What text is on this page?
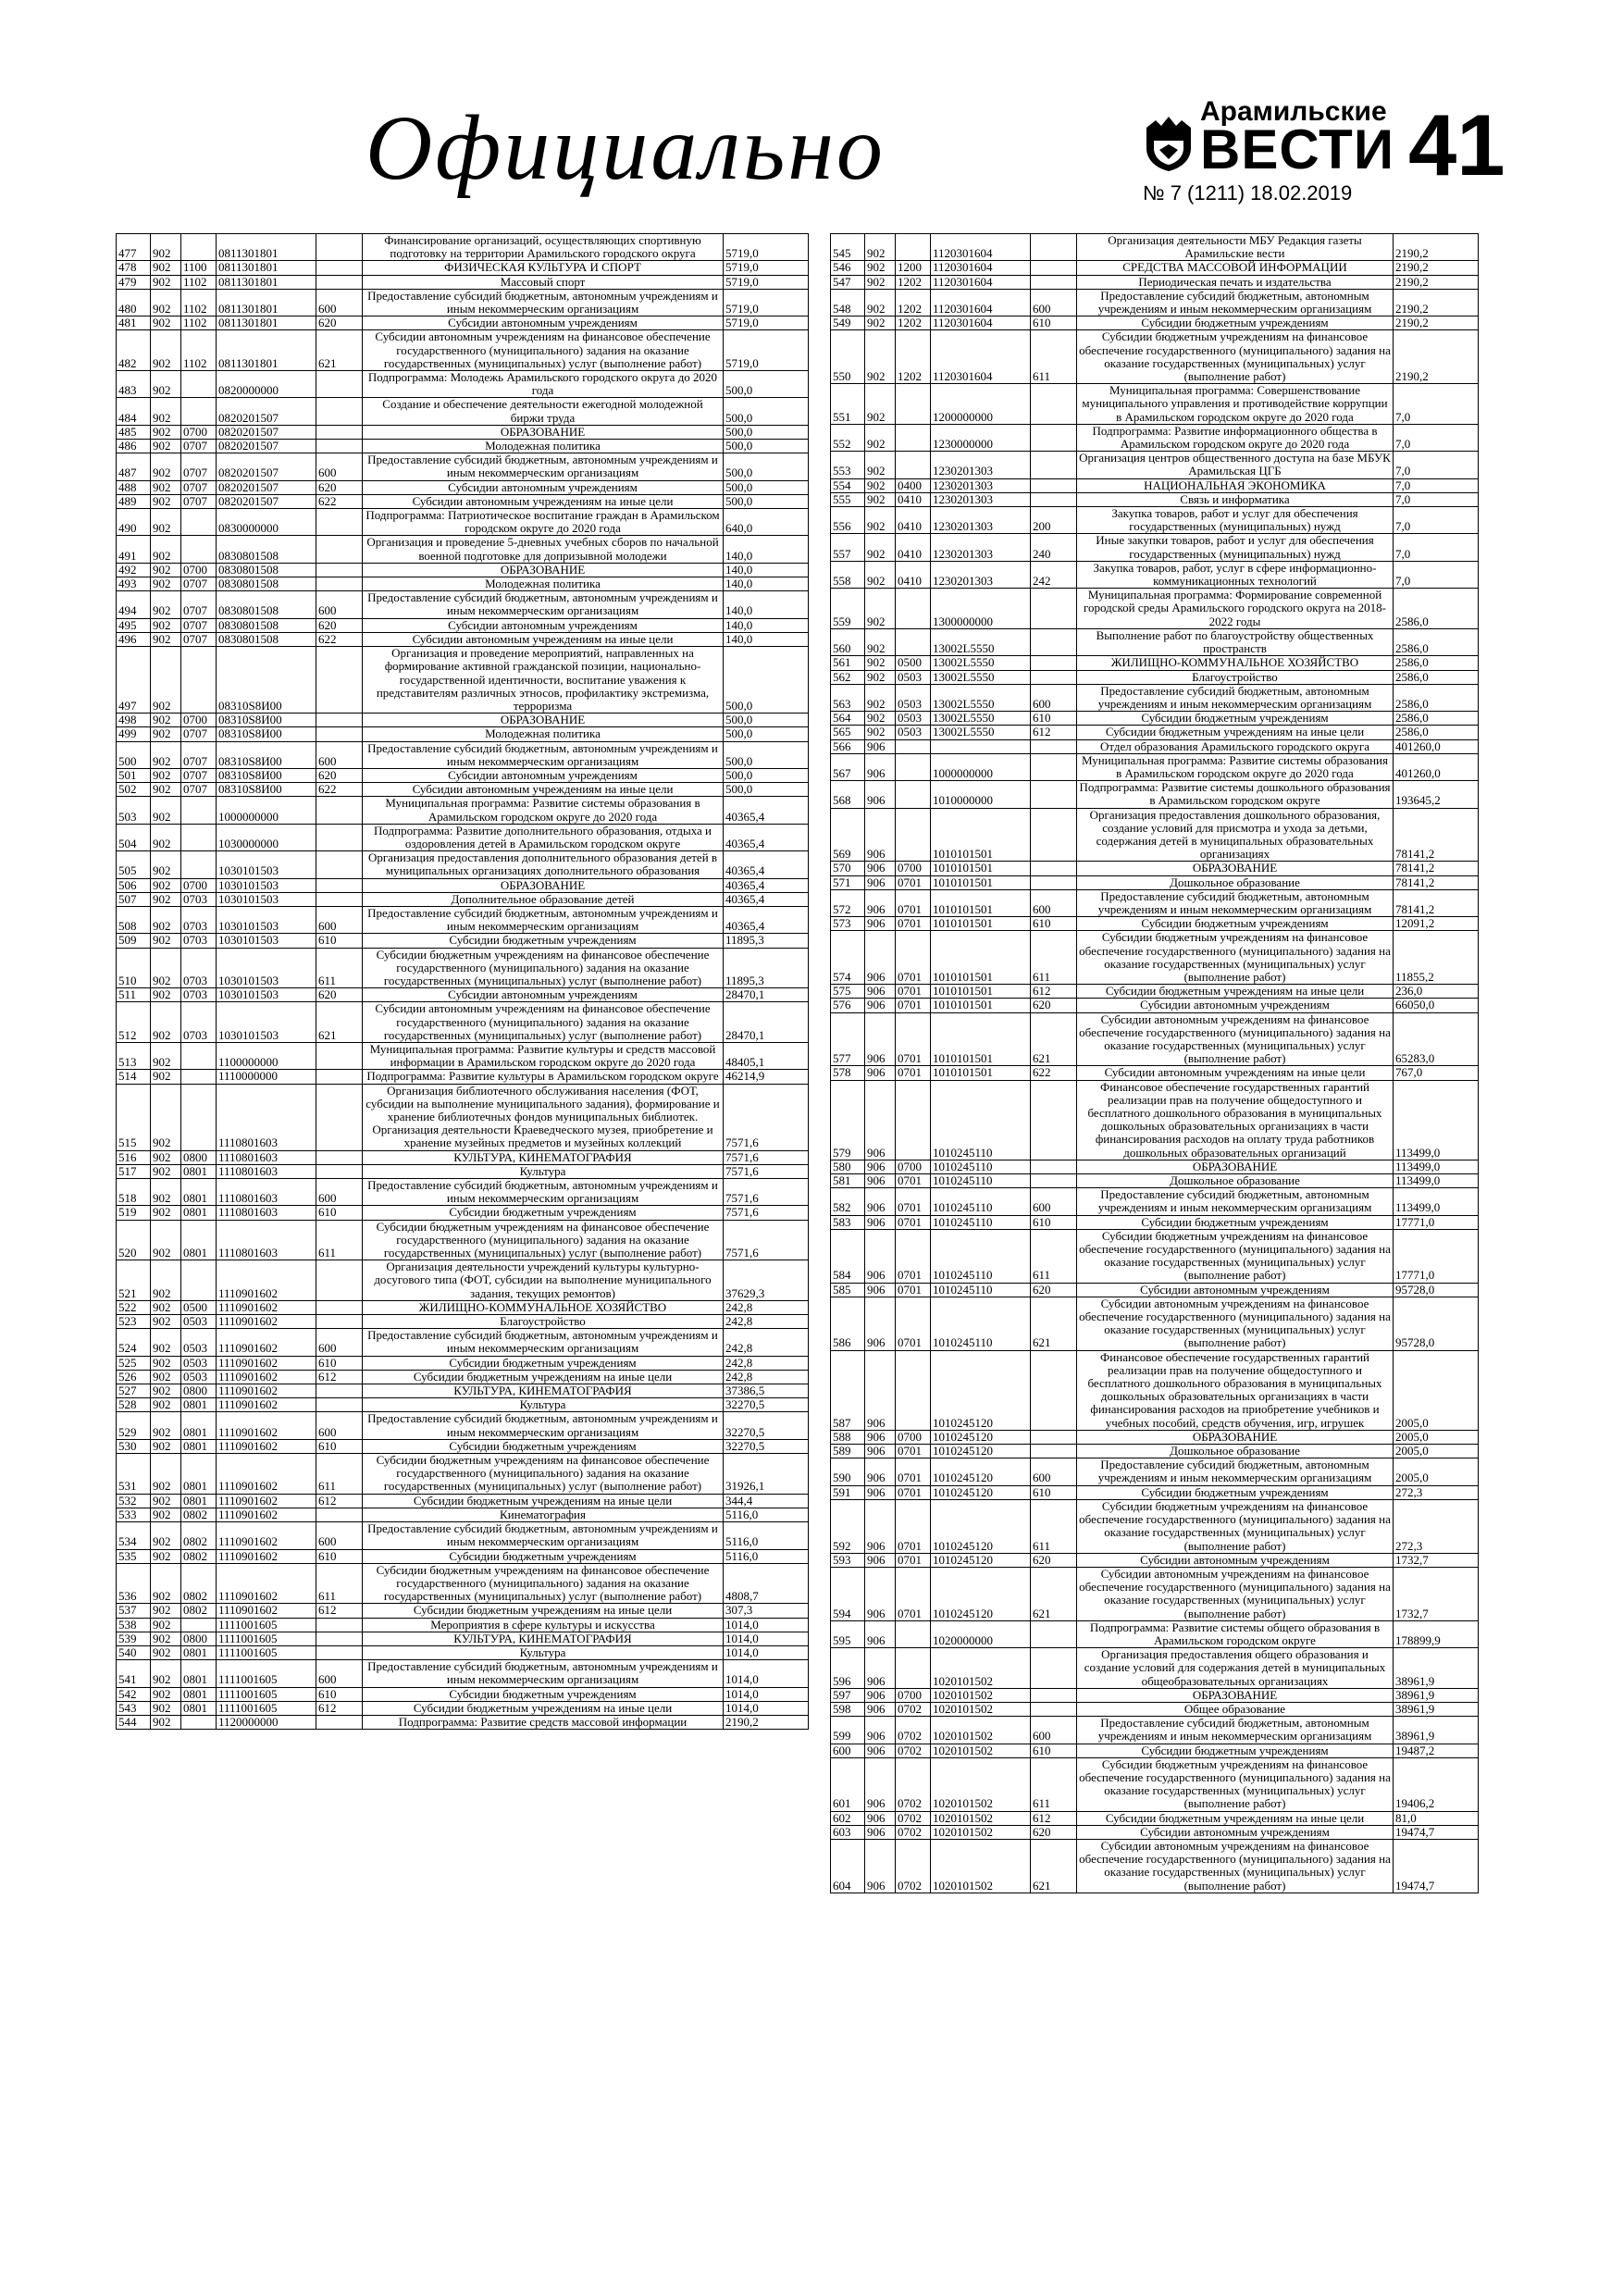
Официально	Арамильские
ВЕСТИ 41
№ 7 (1211) 18.02.2019
477	902		0811301801		Финансирование организаций, осуществляющих спортивную подготовку на территории Арамильского городского округа	5719,0
478	902	1100	0811301801		ФИЗИЧЕСКАЯ КУЛЬТУРА И СПОРТ	5719,0
479	902	1102	0811301801		Массовый спорт	5719,0
480	902	1102	0811301801	600	Предоставление субсидий бюджетным, автономным учреждениям и иным некоммерческим организациям	5719,0
481	902	1102	0811301801	620	Субсидии автономным учреждениям	5719,0
482	902	1102	0811301801	621	Субсидии автономным учреждениям на финансовое обеспечение государственного (муниципального) задания на оказание государственных (муниципальных) услуг (выполнение работ)	5719,0
483	902		0820000000		Подпрограмма: Молодежь Арамильского городского округа до 2020 года	500,0
484	902		0820201507		Создание и обеспечение деятельности ежегодной молодежной биржи труда	500,0
485	902	0700	0820201507		ОБРАЗОВАНИЕ	500,0
486	902	0707	0820201507		Молодежная политика	500,0
487	902	0707	0820201507	600	Предоставление субсидий бюджетным, автономным учреждениям и иным некоммерческим организациям	500,0
488	902	0707	0820201507	620	Субсидии автономным учреждениям	500,0
489	902	0707	0820201507	622	Субсидии автономным учреждениям на иные цели	500,0
490	902		0830000000		Подпрограмма: Патриотическое воспитание граждан в Арамильском городском округе до 2020 года	640,0
491	902		0830801508		Организация и проведение 5-дневных учебных сборов по начальной военной подготовке для допризывной молодежи	140,0
492	902	0700	0830801508		ОБРАЗОВАНИЕ	140,0
493	902	0707	0830801508		Молодежная политика	140,0
494	902	0707	0830801508	600	Предоставление субсидий бюджетным, автономным учреждениям и иным некоммерческим организациям	140,0
495	902	0707	0830801508	620	Субсидии автономным учреждениям	140,0
496	902	0707	0830801508	622	Субсидии автономным учреждениям на иные цели	140,0
497	902		08310S8И00		Организация и проведение мероприятий, направленных на формирование активной гражданской позиции, национально-государственной идентичности, воспитание уважения к представителям различных этносов, профилактику экстремизма, терроризма	500,0
498	902	0700	08310S8И00		ОБРАЗОВАНИЕ	500,0
499	902	0707	08310S8И00		Молодежная политика	500,0
500	902	0707	08310S8И00	600	Предоставление субсидий бюджетным, автономным учреждениям и иным некоммерческим организациям	500,0
501	902	0707	08310S8И00	620	Субсидии автономным учреждениям	500,0
502	902	0707	08310S8И00	622	Субсидии автономным учреждениям на иные цели	500,0
503	902		1000000000		Муниципальная программа: Развитие системы образования в Арамильском городском округе до 2020 года	40365,4
504	902		1030000000		Подпрограмма: Развитие дополнительного образования, отдыха и оздоровления детей в Арамильском городском округе	40365,4
505	902		1030101503		Организация предоставления дополнительного образования детей в муниципальных организациях дополнительного образования	40365,4
506	902	0700	1030101503		ОБРАЗОВАНИЕ	40365,4
507	902	0703	1030101503		Дополнительное образование детей	40365,4
508	902	0703	1030101503	600	Предоставление субсидий бюджетным, автономным учреждениям и иным некоммерческим организациям	40365,4
509	902	0703	1030101503	610	Субсидии бюджетным учреждениям	11895,3
510	902	0703	1030101503	611	Субсидии бюджетным учреждениям на финансовое обеспечение государственного (муниципального) задания на оказание государственных (муниципальных) услуг (выполнение работ)	11895,3
511	902	0703	1030101503	620	Субсидии автономным учреждениям	28470,1
512	902	0703	1030101503	621	Субсидии автономным учреждениям на финансовое обеспечение государственного (муниципального) задания на оказание государственных (муниципальных) услуг (выполнение работ)	28470,1
513	902		1100000000		Муниципальная программа: Развитие культуры и средств массовой информации в Арамильском городском округе до 2020 года	48405,1
514	902		1110000000		Подпрограмма: Развитие культуры в Арамильском городском округе	46214,9
515	902		1110801603		Организация библиотечного обслуживания населения (ФОТ, субсидии на выполнение муниципального задания), формирование и хранение библиотечных фондов муниципальных библиотек. Организация деятельности Краеведческого музея, приобретение и хранение музейных предметов и музейных коллекций	7571,6
516	902	0800	1110801603		КУЛЬТУРА, КИНЕМАТОГРАФИЯ	7571,6
517	902	0801	1110801603		Культура	7571,6
518	902	0801	1110801603	600	Предоставление субсидий бюджетным, автономным учреждениям и иным некоммерческим организациям	7571,6
519	902	0801	1110801603	610	Субсидии бюджетным учреждениям	7571,6
520	902	0801	1110801603	611	Субсидии бюджетным учреждениям на финансовое обеспечение государственного (муниципального) задания на оказание государственных (муниципальных) услуг (выполнение работ)	7571,6
521	902		1110901602		Организация деятельности учреждений культуры культурно-досугового типа (ФОТ, субсидии на выполнение муниципального задания, текущих ремонтов)	37629,3
522	902	0500	1110901602		ЖИЛИЩНО-КОММУНАЛЬНОЕ ХОЗЯЙСТВО	242,8
523	902	0503	1110901602		Благоустройство	242,8
524	902	0503	1110901602	600	Предоставление субсидий бюджетным, автономным учреждениям и иным некоммерческим организациям	242,8
525	902	0503	1110901602	610	Субсидии бюджетным учреждениям	242,8
526	902	0503	1110901602	612	Субсидии бюджетным учреждениям на иные цели	242,8
527	902	0800	1110901602		КУЛЬТУРА, КИНЕМАТОГРАФИЯ	37386,5
528	902	0801	1110901602		Культура	32270,5
529	902	0801	1110901602	600	Предоставление субсидий бюджетным, автономным учреждениям и иным некоммерческим организациям	32270,5
530	902	0801	1110901602	610	Субсидии бюджетным учреждениям	32270,5
531	902	0801	1110901602	611	Субсидии бюджетным учреждениям на финансовое обеспечение государственного (муниципального) задания на оказание государственных (муниципальных) услуг (выполнение работ)	31926,1
532	902	0801	1110901602	612	Субсидии бюджетным учреждениям на иные цели	344,4
533	902	0802	1110901602		Кинематография	5116,0
534	902	0802	1110901602	600	Предоставление субсидий бюджетным, автономным учреждениям и иным некоммерческим организациям	5116,0
535	902	0802	1110901602	610	Субсидии бюджетным учреждениям	5116,0
536	902	0802	1110901602	611	Субсидии бюджетным учреждениям на финансовое обеспечение государственного (муниципального) задания на оказание государственных (муниципальных) услуг (выполнение работ)	4808,7
537	902	0802	1110901602	612	Субсидии бюджетным учреждениям на иные цели	307,3
538	902		1111001605		Мероприятия в сфере культуры и искусства	1014,0
539	902	0800	1111001605		КУЛЬТУРА, КИНЕМАТОГРАФИЯ	1014,0
540	902	0801	1111001605		Культура	1014,0
541	902	0801	1111001605	600	Предоставление субсидий бюджетным, автономным учреждениям и иным некоммерческим организациям	1014,0
542	902	0801	1111001605	610	Субсидии бюджетным учреждениям	1014,0
543	902	0801	1111001605	612	Субсидии бюджетным учреждениям на иные цели	1014,0
544	902		1120000000		Подпрограмма: Развитие средств массовой информации	2190,2
545	902		1120301604		Организация деятельности МБУ Редакция газеты Арамильские вести	2190,2
546	902	1200	1120301604		СРЕДСТВА МАССОВОЙ ИНФОРМАЦИИ	2190,2
547	902	1202	1120301604		Периодическая печать и издательства	2190,2
548	902	1202	1120301604	600	Предоставление субсидий бюджетным, автономным учреждениям и иным некоммерческим организациям	2190,2
549	902	1202	1120301604	610	Субсидии бюджетным учреждениям	2190,2
550	902	1202	1120301604	611	Субсидии бюджетным учреждениям на финансовое обеспечение государственного (муниципального) задания на оказание государственных (муниципальных) услуг (выполнение работ)	2190,2
551	902		1200000000		Муниципальная программа: Совершенствование муниципального управления и противодействие коррупции в Арамильском городском округе до 2020 года	7,0
552	902		1230000000		Подпрограмма: Развитие информационного общества в Арамильском городском округе до 2020 года	7,0
553	902		1230201303		Организация центров общественного доступа на базе МБУК Арамильская ЦГБ	7,0
554	902	0400	1230201303		НАЦИОНАЛЬНАЯ ЭКОНОМИКА	7,0
555	902	0410	1230201303		Связь и информатика	7,0
556	902	0410	1230201303	200	Закупка товаров, работ и услуг для обеспечения государственных (муниципальных) нужд	7,0
557	902	0410	1230201303	240	Иные закупки товаров, работ и услуг для обеспечения государственных (муниципальных) нужд	7,0
558	902	0410	1230201303	242	Закупка товаров, работ, услуг в сфере информационно-коммуникационных технологий	7,0
559	902		1300000000		Муниципальная программа: Формирование современной городской среды Арамильского городского округа на 2018-2022 годы	2586,0
560	902		13002L5550		Выполнение работ по благоустройству общественных пространств	2586,0
561	902	0500	13002L5550		ЖИЛИЩНО-КОММУНАЛЬНОЕ ХОЗЯЙСТВО	2586,0
562	902	0503	13002L5550		Благоустройство	2586,0
563	902	0503	13002L5550	600	Предоставление субсидий бюджетным, автономным учреждениям и иным некоммерческим организациям	2586,0
564	902	0503	13002L5550	610	Субсидии бюджетным учреждениям	2586,0
565	902	0503	13002L5550	612	Субсидии бюджетным учреждениям на иные цели	2586,0
566	906				Отдел образования Арамильского городского округа	401260,0
567	906		1000000000		Муниципальная программа: Развитие системы образования в Арамильском городском округе до 2020 года	401260,0
568	906		1010000000		Подпрограмма: Развитие системы дошкольного образования в Арамильском городском округе	193645,2
569	906		1010101501		Организация предоставления дошкольного образования, создание условий для присмотра и ухода за детьми, содержания детей в муниципальных образовательных организациях	78141,2
570	906	0700	1010101501		ОБРАЗОВАНИЕ	78141,2
571	906	0701	1010101501		Дошкольное образование	78141,2
572	906	0701	1010101501	600	Предоставление субсидий бюджетным, автономным учреждениям и иным некоммерческим организациям	78141,2
573	906	0701	1010101501	610	Субсидии бюджетным учреждениям	12091,2
574	906	0701	1010101501	611	Субсидии бюджетным учреждениям на финансовое обеспечение государственного (муниципального) задания на оказание государственных (муниципальных) услуг (выполнение работ)	11855,2
575	906	0701	1010101501	612	Субсидии бюджетным учреждениям на иные цели	236,0
576	906	0701	1010101501	620	Субсидии автономным учреждениям	66050,0
577	906	0701	1010101501	621	Субсидии автономным учреждениям на финансовое обеспечение государственного (муниципального) задания на оказание государственных (муниципальных) услуг (выполнение работ)	65283,0
578	906	0701	1010101501	622	Субсидии автономным учреждениям на иные цели	767,0
579	906		1010245110		Финансовое обеспечение государственных гарантий реализации прав на получение общедоступного и бесплатного дошкольного образования в муниципальных дошкольных образовательных организациях в части финансирования расходов на оплату труда работников дошкольных образовательных организаций	113499,0
580	906	0700	1010245110		ОБРАЗОВАНИЕ	113499,0
581	906	0701	1010245110		Дошкольное образование	113499,0
582	906	0701	1010245110	600	Предоставление субсидий бюджетным, автономным учреждениям и иным некоммерческим организациям	113499,0
583	906	0701	1010245110	610	Субсидии бюджетным учреждениям	17771,0
584	906	0701	1010245110	611	Субсидии бюджетным учреждениям на финансовое обеспечение государственного (муниципального) задания на оказание государственных (муниципальных) услуг (выполнение работ)	17771,0
585	906	0701	1010245110	620	Субсидии автономным учреждениям	95728,0
586	906	0701	1010245110	621	Субсидии автономным учреждениям на финансовое обеспечение государственного (муниципального) задания на оказание государственных (муниципальных) услуг (выполнение работ)	95728,0
587	906		1010245120		Финансовое обеспечение государственных гарантий реализации прав на получение общедоступного и бесплатного дошкольного образования в муниципальных дошкольных образовательных организациях в части финансирования расходов на приобретение учебников и учебных пособий, средств обучения, игр, игрушек	2005,0
588	906	0700	1010245120		ОБРАЗОВАНИЕ	2005,0
589	906	0701	1010245120		Дошкольное образование	2005,0
590	906	0701	1010245120	600	Предоставление субсидий бюджетным, автономным учреждениям и иным некоммерческим организациям	2005,0
591	906	0701	1010245120	610	Субсидии бюджетным учреждениям	272,3
592	906	0701	1010245120	611	Субсидии бюджетным учреждениям на финансовое обеспечение государственного (муниципального) задания на оказание государственных (муниципальных) услуг (выполнение работ)	272,3
593	906	0701	1010245120	620	Субсидии автономным учреждениям	1732,7
594	906	0701	1010245120	621	Субсидии автономным учреждениям на финансовое обеспечение государственного (муниципального) задания на оказание государственных (муниципальных) услуг (выполнение работ)	1732,7
595	906		1020000000		Подпрограмма: Развитие системы общего образования в Арамильском городском округе	178899,9
596	906		1020101502		Организация предоставления общего образования и создание условий для содержания детей в муниципальных общеобразовательных организациях	38961,9
597	906	0700	1020101502		ОБРАЗОВАНИЕ	38961,9
598	906	0702	1020101502		Общее образование	38961,9
599	906	0702	1020101502	600	Предоставление субсидий бюджетным, автономным учреждениям и иным некоммерческим организациям	38961,9
600	906	0702	1020101502	610	Субсидии бюджетным учреждениям	19487,2
601	906	0702	1020101502	611	Субсидии бюджетным учреждениям на финансовое обеспечение государственного (муниципального) задания на оказание государственных (муниципальных) услуг (выполнение работ)	19406,2
602	906	0702	1020101502	612	Субсидии бюджетным учреждениям на иные цели	81,0
603	906	0702	1020101502	620	Субсидии автономным учреждениям	19474,7
604	906	0702	1020101502	621	Субсидии автономным учреждениям на финансовое обеспечение государственного (муниципального) задания на оказание государственных (муниципальных) услуг (выполнение работ)	19474,7
